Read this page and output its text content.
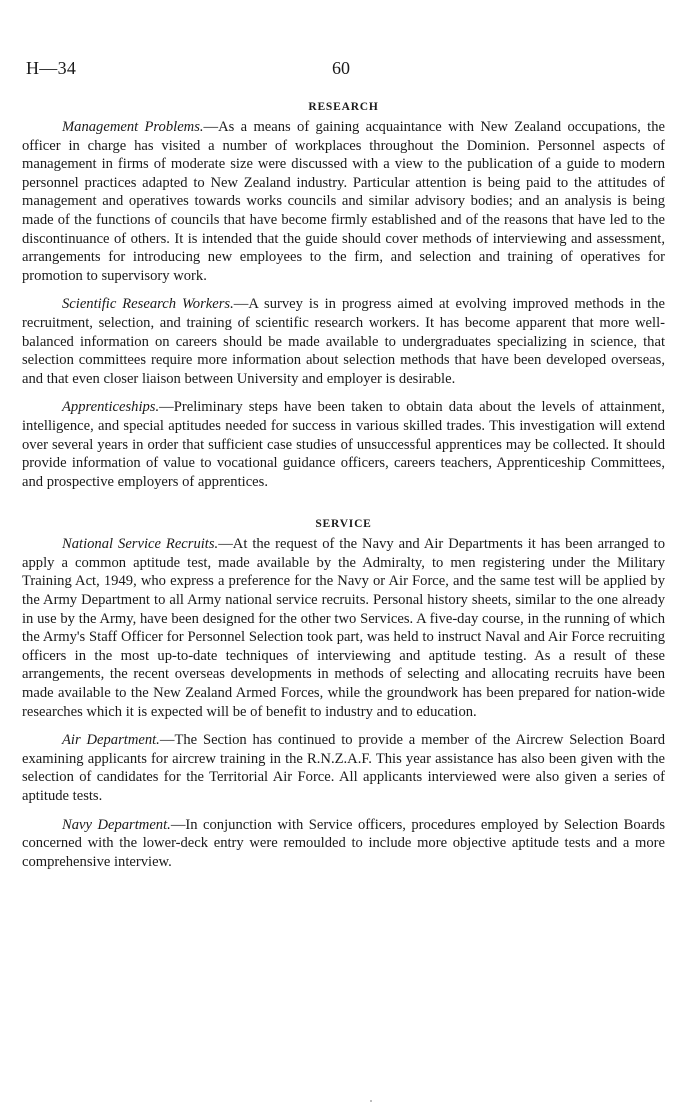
H—34	60
RESEARCH

Management Problems.—As a means of gaining acquaintance with New Zealand occupations, the officer in charge has visited a number of workplaces throughout the Dominion. Personnel aspects of management in firms of moderate size were discussed with a view to the publication of a guide to modern personnel practices adapted to New Zealand industry. Particular attention is being paid to the attitudes of management and operatives towards works councils and similar advisory bodies; and an analysis is being made of the functions of councils that have become firmly established and of the reasons that have led to the discontinuance of others. It is intended that the guide should cover methods of interviewing and assessment, arrangements for introducing new employees to the firm, and selection and training of operatives for promotion to supervisory work.

Scientific Research Workers.—A survey is in progress aimed at evolving improved methods in the recruitment, selection, and training of scientific research workers. It has become apparent that more well-balanced information on careers should be made available to undergraduates specializing in science, that selection committees require more information about selection methods that have been developed overseas, and that even closer liaison between University and employer is desirable.

Apprenticeships.—Preliminary steps have been taken to obtain data about the levels of attainment, intelligence, and special aptitudes needed for success in various skilled trades. This investigation will extend over several years in order that sufficient case studies of unsuccessful apprentices may be collected. It should provide information of value to vocational guidance officers, careers teachers, Apprenticeship Committees, and prospective employers of apprentices.

SERVICE

National Service Recruits.—At the request of the Navy and Air Departments it has been arranged to apply a common aptitude test, made available by the Admiralty, to men registering under the Military Training Act, 1949, who express a preference for the Navy or Air Force, and the same test will be applied by the Army Department to all Army national service recruits. Personal history sheets, similar to the one already in use by the Army, have been designed for the other two Services. A five-day course, in the running of which the Army's Staff Officer for Personnel Selection took part, was held to instruct Naval and Air Force recruiting officers in the most up-to-date techniques of interviewing and aptitude testing. As a result of these arrangements, the recent overseas developments in methods of selecting and allocating recruits have been made available to the New Zealand Armed Forces, while the groundwork has been prepared for nation-wide researches which it is expected will be of benefit to industry and to education.

Air Department.—The Section has continued to provide a member of the Aircrew Selection Board examining applicants for aircrew training in the R.N.Z.A.F. This year assistance has also been given with the selection of candidates for the Territorial Air Force. All applicants interviewed were also given a series of aptitude tests.

Navy Department.—In conjunction with Service officers, procedures employed by Selection Boards concerned with the lower-deck entry were remoulded to include more objective aptitude tests and a more comprehensive interview.
